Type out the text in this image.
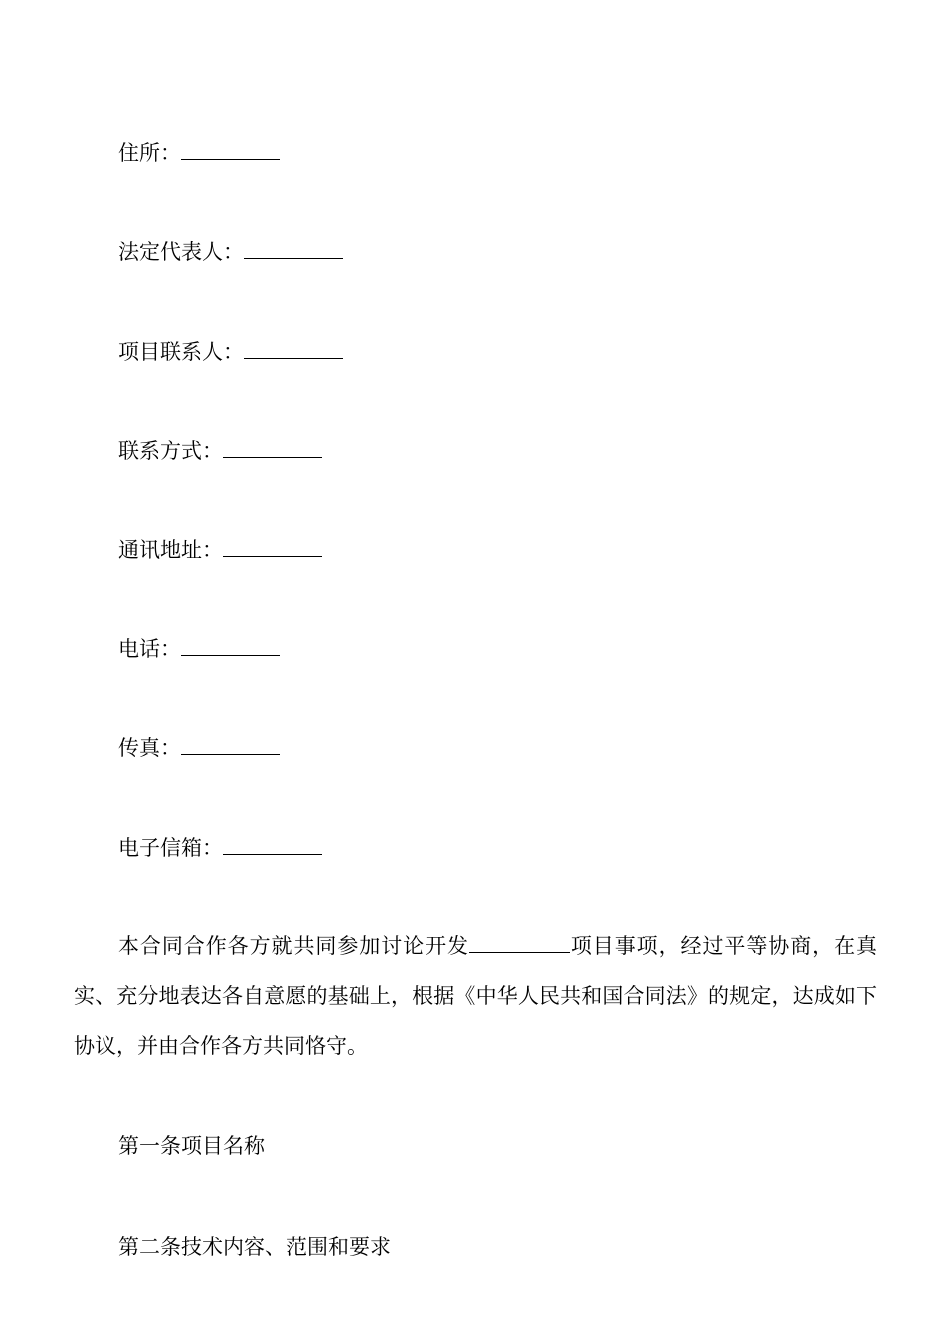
住所：
法定代表人：
项目联系人：
联系方式：
通讯地址：
电话：
传真：
电子信箱：
本合同合作各方就共同参加讨论开发	项目事项，经过平等协商，在真实、充分地表达各自意愿的基础上，根据《中华人民共和国合同法》的规定，达成如下协议，并由合作各方共同恪守。
第一条项目名称
第二条技术内容、范围和要求
